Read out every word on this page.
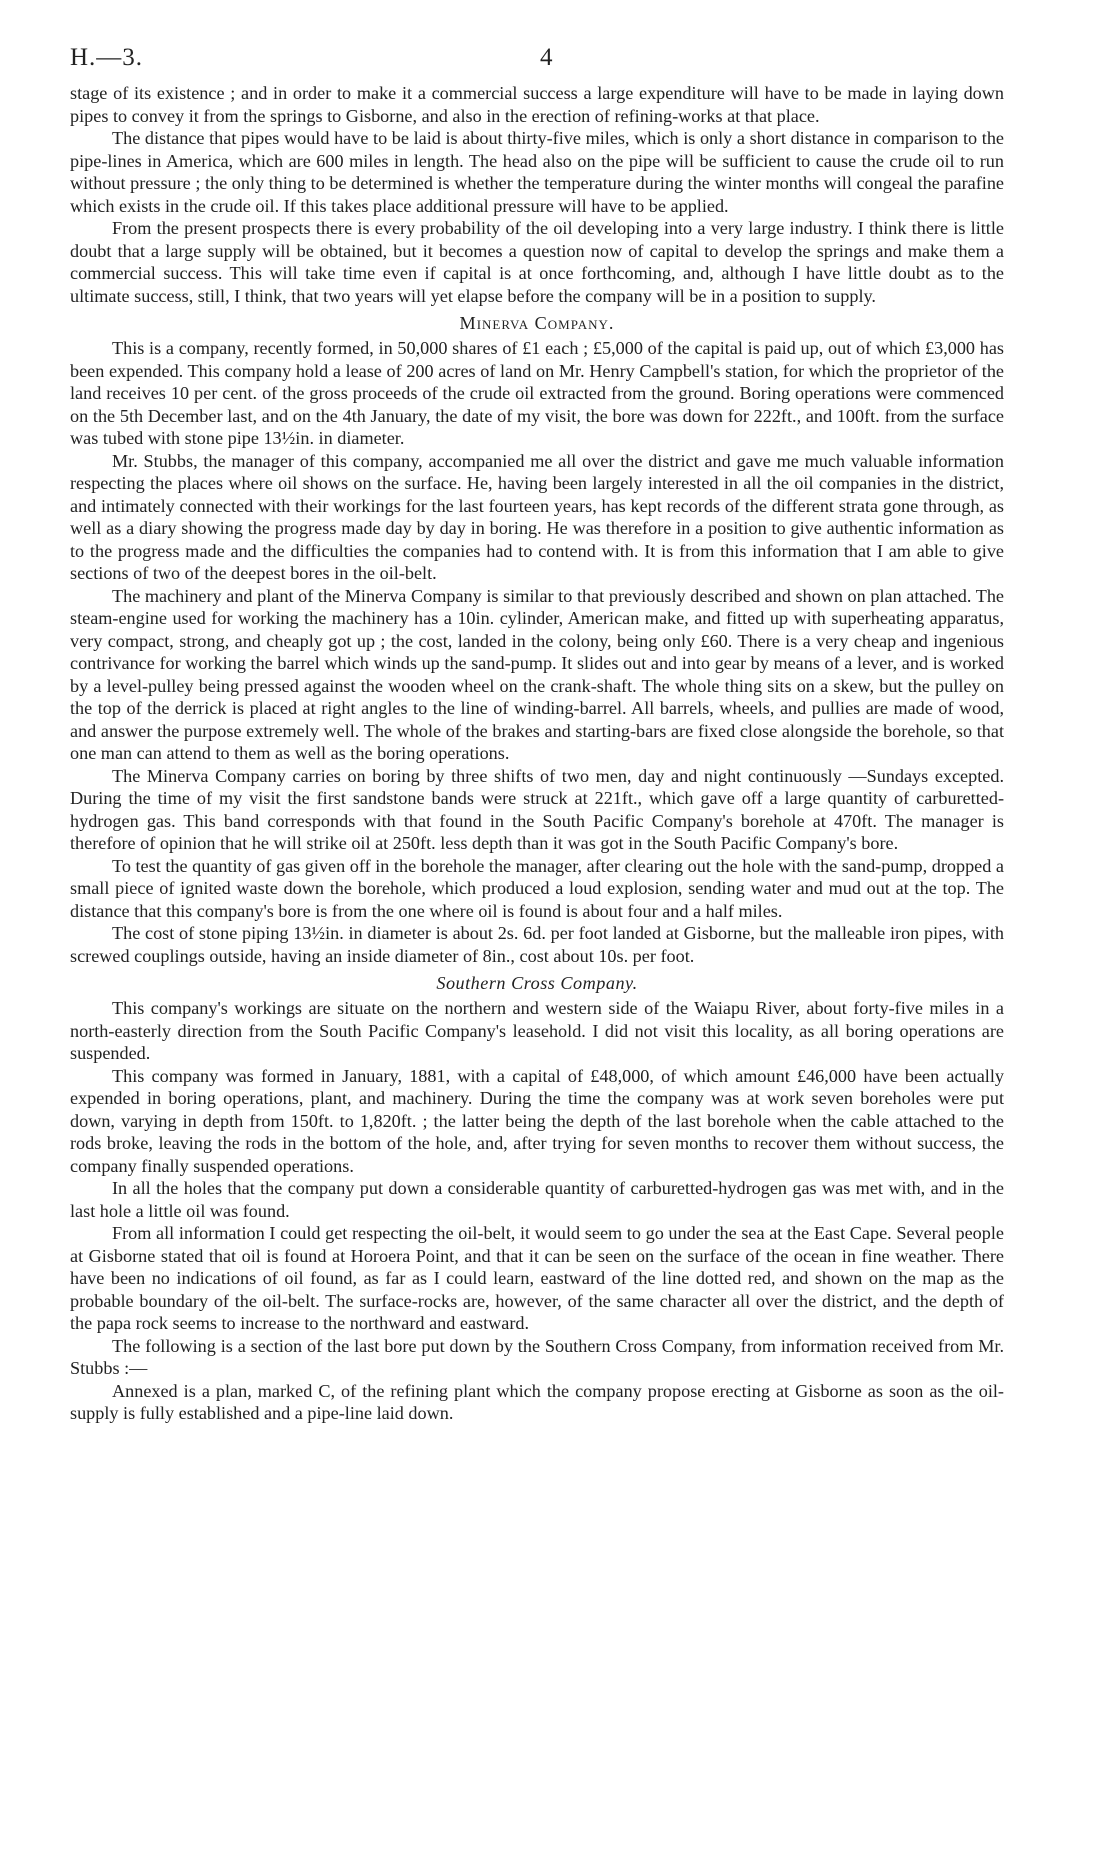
H.—3.	4

stage of its existence ; and in order to make it a commercial success a large expenditure will have to be made in laying down pipes to convey it from the springs to Gisborne, and also in the erection of refining-works at that place.

The distance that pipes would have to be laid is about thirty-five miles, which is only a short distance in comparison to the pipe-lines in America, which are 600 miles in length. The head also on the pipe will be sufficient to cause the crude oil to run without pressure ; the only thing to be determined is whether the temperature during the winter months will congeal the parafine which exists in the crude oil. If this takes place additional pressure will have to be applied.

From the present prospects there is every probability of the oil developing into a very large industry. I think there is little doubt that a large supply will be obtained, but it becomes a question now of capital to develop the springs and make them a commercial success. This will take time even if capital is at once forthcoming, and, although I have little doubt as to the ultimate success, still, I think, that two years will yet elapse before the company will be in a position to supply.

Minerva Company.

This is a company, recently formed, in 50,000 shares of £1 each ; £5,000 of the capital is paid up, out of which £3,000 has been expended. This company hold a lease of 200 acres of land on Mr. Henry Campbell's station, for which the proprietor of the land receives 10 per cent. of the gross proceeds of the crude oil extracted from the ground. Boring operations were commenced on the 5th December last, and on the 4th January, the date of my visit, the bore was down for 222ft., and 100ft. from the surface was tubed with stone pipe 13½in. in diameter.

Mr. Stubbs, the manager of this company, accompanied me all over the district and gave me much valuable information respecting the places where oil shows on the surface. He, having been largely interested in all the oil companies in the district, and intimately connected with their workings for the last fourteen years, has kept records of the different strata gone through, as well as a diary showing the progress made day by day in boring. He was therefore in a position to give authentic information as to the progress made and the difficulties the companies had to contend with. It is from this information that I am able to give sections of two of the deepest bores in the oil-belt.

The machinery and plant of the Minerva Company is similar to that previously described and shown on plan attached. The steam-engine used for working the machinery has a 10in. cylinder, American make, and fitted up with superheating apparatus, very compact, strong, and cheaply got up ; the cost, landed in the colony, being only £60. There is a very cheap and ingenious contrivance for working the barrel which winds up the sand-pump. It slides out and into gear by means of a lever, and is worked by a level-pulley being pressed against the wooden wheel on the crank-shaft. The whole thing sits on a skew, but the pulley on the top of the derrick is placed at right angles to the line of winding-barrel. All barrels, wheels, and pullies are made of wood, and answer the purpose extremely well. The whole of the brakes and starting-bars are fixed close alongside the borehole, so that one man can attend to them as well as the boring operations.

The Minerva Company carries on boring by three shifts of two men, day and night continuously —Sundays excepted. During the time of my visit the first sandstone bands were struck at 221ft., which gave off a large quantity of carburetted-hydrogen gas. This band corresponds with that found in the South Pacific Company's borehole at 470ft. The manager is therefore of opinion that he will strike oil at 250ft. less depth than it was got in the South Pacific Company's bore.

To test the quantity of gas given off in the borehole the manager, after clearing out the hole with the sand-pump, dropped a small piece of ignited waste down the borehole, which produced a loud explosion, sending water and mud out at the top. The distance that this company's bore is from the one where oil is found is about four and a half miles.

The cost of stone piping 13½in. in diameter is about 2s. 6d. per foot landed at Gisborne, but the malleable iron pipes, with screwed couplings outside, having an inside diameter of 8in., cost about 10s. per foot.

Southern Cross Company.

This company's workings are situate on the northern and western side of the Waiapu River, about forty-five miles in a north-easterly direction from the South Pacific Company's leasehold. I did not visit this locality, as all boring operations are suspended.

This company was formed in January, 1881, with a capital of £48,000, of which amount £46,000 have been actually expended in boring operations, plant, and machinery. During the time the company was at work seven boreholes were put down, varying in depth from 150ft. to 1,820ft. ; the latter being the depth of the last borehole when the cable attached to the rods broke, leaving the rods in the bottom of the hole, and, after trying for seven months to recover them without success, the company finally suspended operations.

In all the holes that the company put down a considerable quantity of carburetted-hydrogen gas was met with, and in the last hole a little oil was found.

From all information I could get respecting the oil-belt, it would seem to go under the sea at the East Cape. Several people at Gisborne stated that oil is found at Horoera Point, and that it can be seen on the surface of the ocean in fine weather. There have been no indications of oil found, as far as I could learn, eastward of the line dotted red, and shown on the map as the probable boundary of the oil-belt. The surface-rocks are, however, of the same character all over the district, and the depth of the papa rock seems to increase to the northward and eastward.

The following is a section of the last bore put down by the Southern Cross Company, from information received from Mr. Stubbs :—

Annexed is a plan, marked C, of the refining plant which the company propose erecting at Gisborne as soon as the oil-supply is fully established and a pipe-line laid down.
